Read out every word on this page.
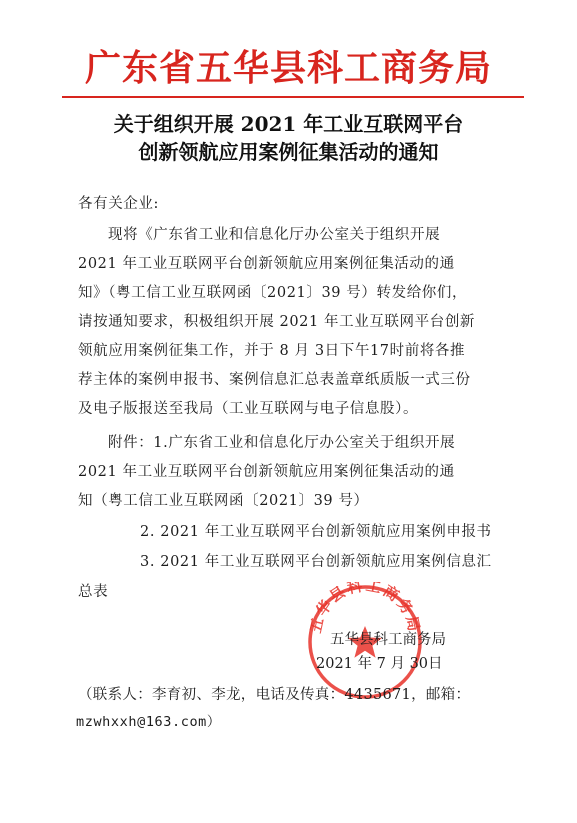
广东省五华县科工商务局
关于组织开展 2021 年工业互联网平台
创新领航应用案例征集活动的通知
各有关企业:
现将《广东省工业和信息化厅办公室关于组织开展
2021 年工业互联网平台创新领航应用案例征集活动的通
知》（粤工信工业互联网函〔2021〕39 号）转发给你们，
请按通知要求，积极组织开展 2021 年工业互联网平台创新
领航应用案例征集工作，并于 8 月 3日下午17时前将各推
荐主体的案例申报书、案例信息汇总表盖章纸质版一式三份
及电子版报送至我局（工业互联网与电子信息股）。
附件：1.广东省工业和信息化厅办公室关于组织开展
2021 年工业互联网平台创新领航应用案例征集活动的通
知（粤工信工业互联网函〔2021〕39 号）
2. 2021 年工业互联网平台创新领航应用案例申报书
3. 2021 年工业互联网平台创新领航应用案例信息汇
总表
五华县科工商务局
五华县科工商务局
2021 年 7 月 30日
（联系人：李育初、李龙，电话及传真：4435671，邮箱：
mzwhxxh@163.com）
